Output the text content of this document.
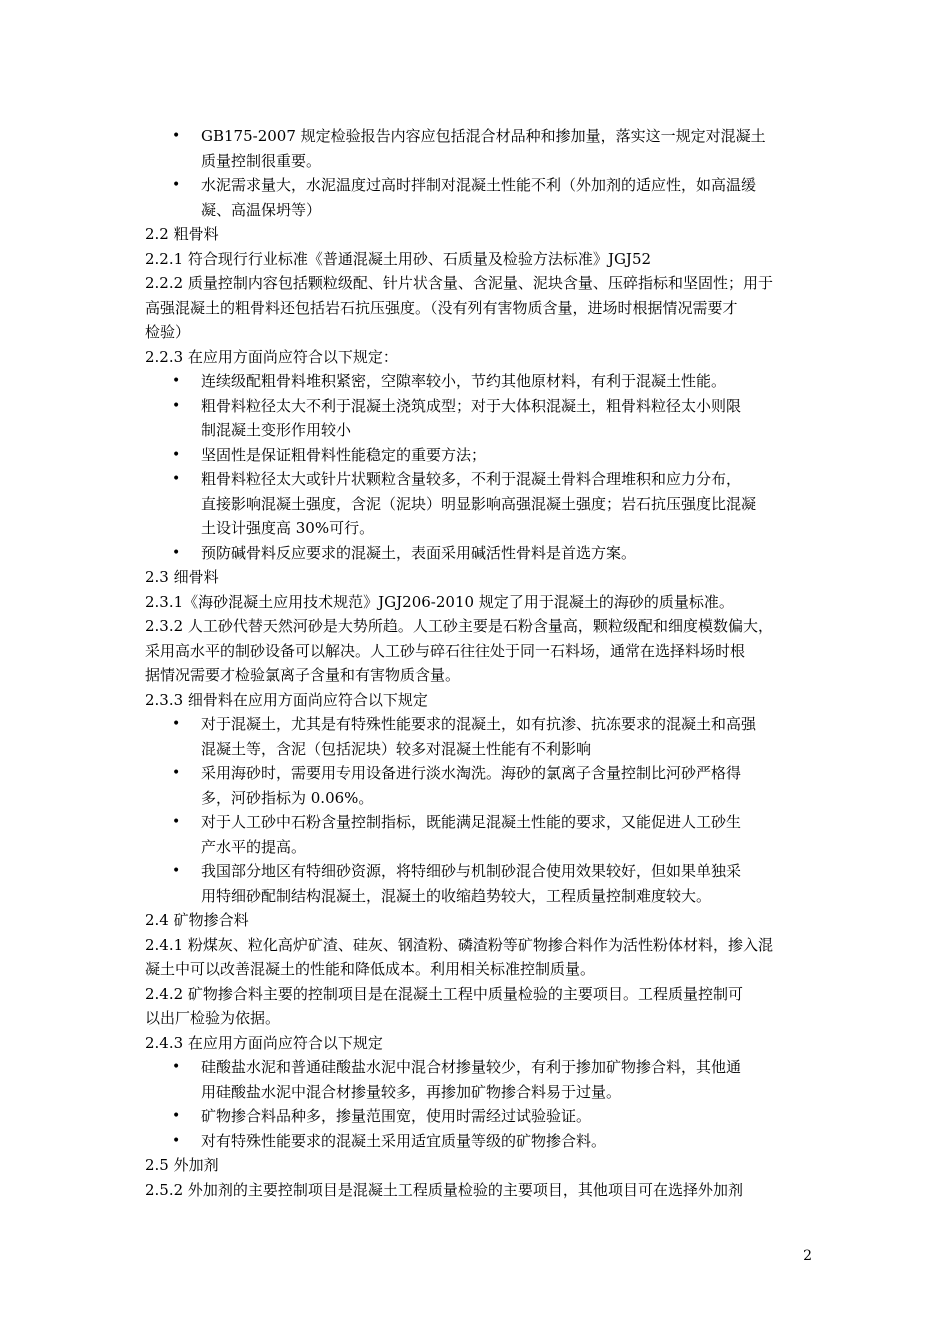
• GB175-2007 规定检验报告内容应包括混合材品种和掺加量，落实这一规定对混凝土
质量控制很重要。
• 水泥需求量大，水泥温度过高时拌制对混凝土性能不利（外加剂的适应性，如高温缓
凝、高温保坍等）
2.2 粗骨料
2.2.1 符合现行行业标准《普通混凝土用砂、石质量及检验方法标准》JGJ52
2.2.2 质量控制内容包括颗粒级配、针片状含量、含泥量、泥块含量、压碎指标和坚固性；用于
高强混凝土的粗骨料还包括岩石抗压强度。（没有列有害物质含量，进场时根据情况需要才
检验）
2.2.3 在应用方面尚应符合以下规定：
• 连续级配粗骨料堆积紧密，空隙率较小，节约其他原材料，有利于混凝土性能。
• 粗骨料粒径太大不利于混凝土浇筑成型；对于大体积混凝土，粗骨料粒径太小则限
制混凝土变形作用较小
• 坚固性是保证粗骨料性能稳定的重要方法；
• 粗骨料粒径太大或针片状颗粒含量较多，不利于混凝土骨料合理堆积和应力分布，
直接影响混凝土强度，含泥（泥块）明显影响高强混凝土强度；岩石抗压强度比混凝
土设计强度高 30%可行。
• 预防碱骨料反应要求的混凝土，表面采用碱活性骨料是首选方案。
2.3 细骨料
2.3.1《海砂混凝土应用技术规范》JGJ206-2010 规定了用于混凝土的海砂的质量标准。
2.3.2 人工砂代替天然河砂是大势所趋。人工砂主要是石粉含量高，颗粒级配和细度模数偏大，
采用高水平的制砂设备可以解决。人工砂与碎石往往处于同一石料场，通常在选择料场时根
据情况需要才检验氯离子含量和有害物质含量。
2.3.3 细骨料在应用方面尚应符合以下规定
• 对于混凝土，尤其是有特殊性能要求的混凝土，如有抗渗、抗冻要求的混凝土和高强
混凝土等，含泥（包括泥块）较多对混凝土性能有不利影响
• 采用海砂时，需要用专用设备进行淡水淘洗。海砂的氯离子含量控制比河砂严格得
多，河砂指标为 0.06%。
• 对于人工砂中石粉含量控制指标，既能满足混凝土性能的要求，又能促进人工砂生
产水平的提高。
• 我国部分地区有特细砂资源，将特细砂与机制砂混合使用效果较好，但如果单独采
用特细砂配制结构混凝土，混凝土的收缩趋势较大，工程质量控制难度较大。
2.4 矿物掺合料
2.4.1 粉煤灰、粒化高炉矿渣、硅灰、钢渣粉、磷渣粉等矿物掺合料作为活性粉体材料，掺入混
凝土中可以改善混凝土的性能和降低成本。利用相关标准控制质量。
2.4.2 矿物掺合料主要的控制项目是在混凝土工程中质量检验的主要项目。工程质量控制可
以出厂检验为依据。
2.4.3 在应用方面尚应符合以下规定
• 硅酸盐水泥和普通硅酸盐水泥中混合材掺量较少，有利于掺加矿物掺合料，其他通
用硅酸盐水泥中混合材掺量较多，再掺加矿物掺合料易于过量。
• 矿物掺合料品种多，掺量范围宽，使用时需经过试验验证。
• 对有特殊性能要求的混凝土采用适宜质量等级的矿物掺合料。
2.5 外加剂
2.5.2 外加剂的主要控制项目是混凝土工程质量检验的主要项目，其他项目可在选择外加剂
2
